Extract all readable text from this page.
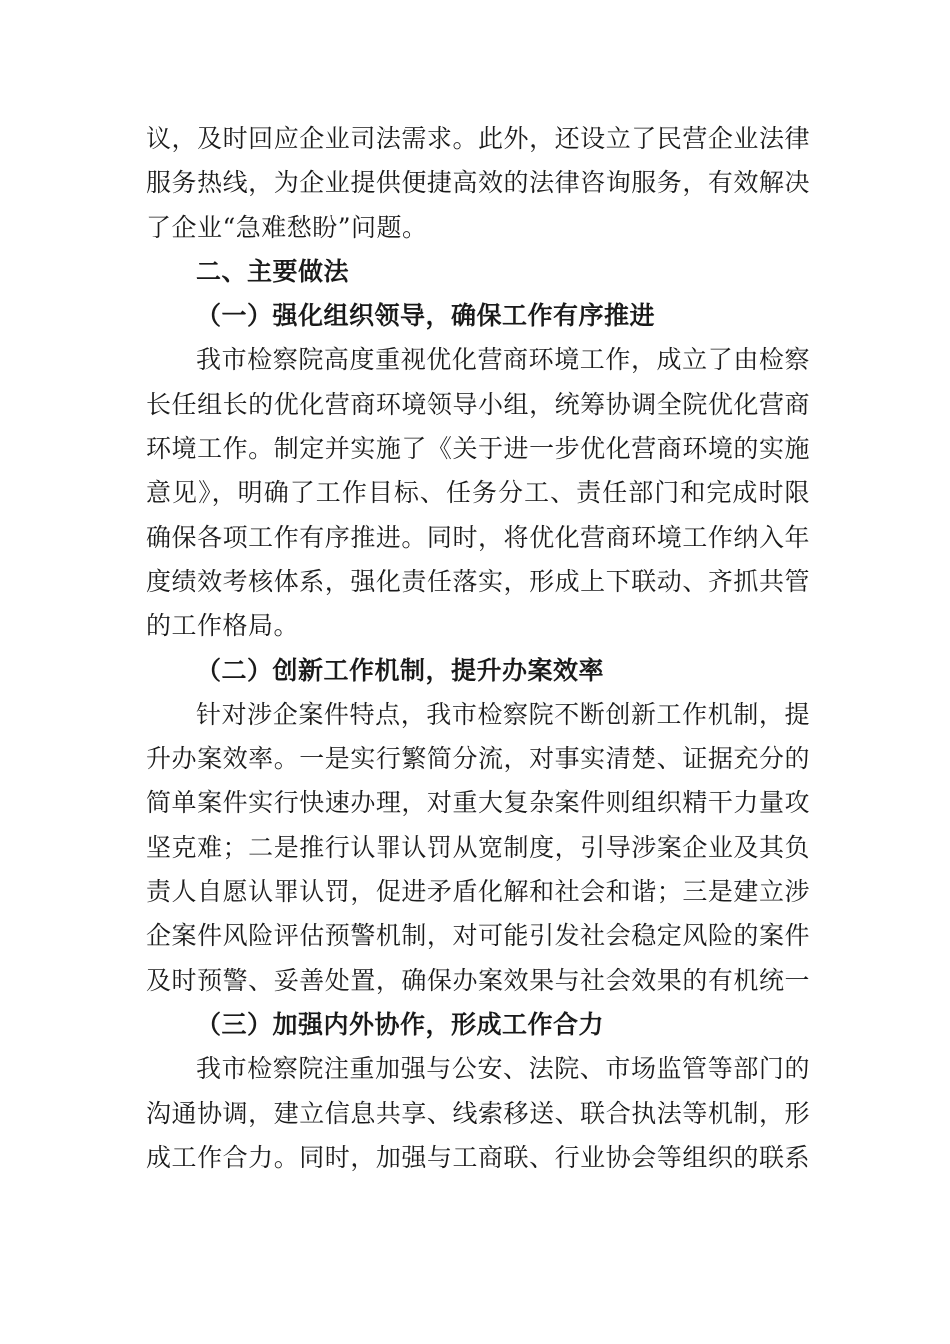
议，及时回应企业司法需求。此外，还设立了民营企业法律
服务热线，为企业提供便捷高效的法律咨询服务，有效解决
了企业“急难愁盼”问题。
二、主要做法
（一）强化组织领导，确保工作有序推进
我市检察院高度重视优化营商环境工作，成立了由检察
长任组长的优化营商环境领导小组，统筹协调全院优化营商
环境工作。制定并实施了《关于进一步优化营商环境的实施
意见》，明确了工作目标、任务分工、责任部门和完成时限
确保各项工作有序推进。同时，将优化营商环境工作纳入年
度绩效考核体系，强化责任落实，形成上下联动、齐抓共管
的工作格局。
（二）创新工作机制，提升办案效率
针对涉企案件特点，我市检察院不断创新工作机制，提
升办案效率。一是实行繁简分流，对事实清楚、证据充分的
简单案件实行快速办理，对重大复杂案件则组织精干力量攻
坚克难；二是推行认罪认罚从宽制度，引导涉案企业及其负
责人自愿认罪认罚，促进矛盾化解和社会和谐；三是建立涉
企案件风险评估预警机制，对可能引发社会稳定风险的案件
及时预警、妥善处置，确保办案效果与社会效果的有机统一
（三）加强内外协作，形成工作合力
我市检察院注重加强与公安、法院、市场监管等部门的
沟通协调，建立信息共享、线索移送、联合执法等机制，形
成工作合力。同时，加强与工商联、行业协会等组织的联系
